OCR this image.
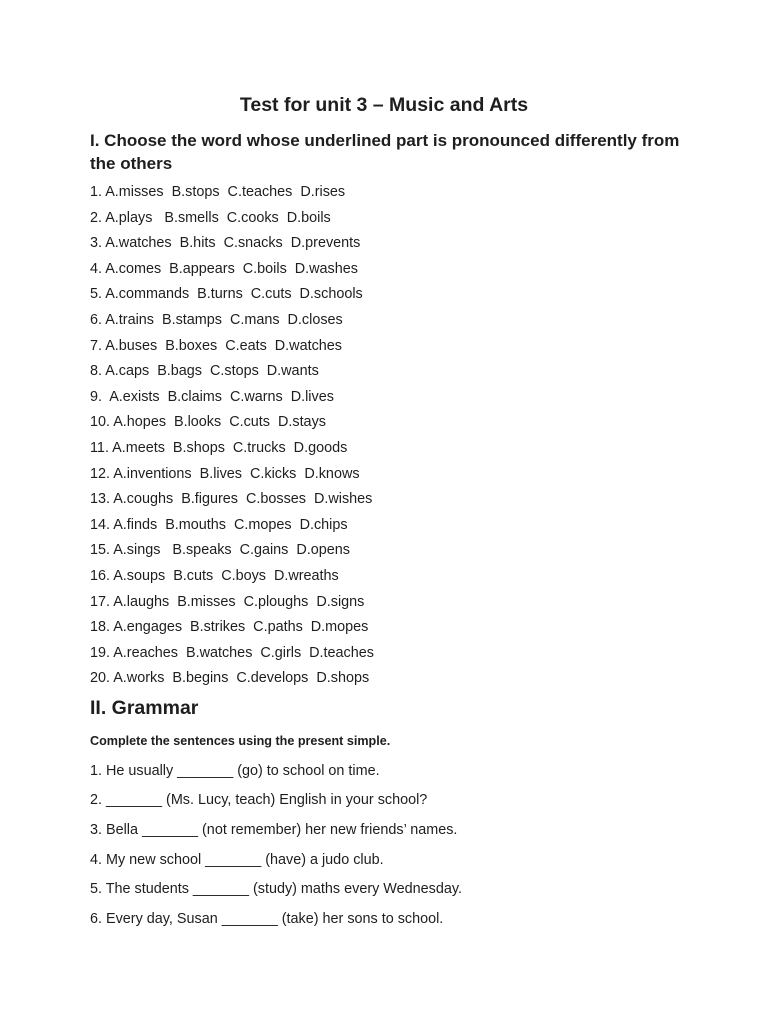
Test for unit 3 – Music and Arts
I. Choose the word whose underlined part is pronounced differently from the others
1. A.misses  B.stops  C.teaches  D.rises
2. A.plays   B.smells  C.cooks  D.boils
3. A.watches  B.hits  C.snacks  D.prevents
4. A.comes  B.appears  C.boils  D.washes
5. A.commands  B.turns  C.cuts  D.schools
6. A.trains  B.stamps  C.mans  D.closes
7. A.buses  B.boxes  C.eats  D.watches
8. A.caps  B.bags  C.stops  D.wants
9.  A.exists  B.claims  C.warns  D.lives
10. A.hopes  B.looks  C.cuts  D.stays
11. A.meets  B.shops  C.trucks  D.goods
12. A.inventions  B.lives  C.kicks  D.knows
13. A.coughs  B.figures  C.bosses  D.wishes
14. A.finds  B.mouths  C.mopes  D.chips
15. A.sings   B.speaks  C.gains  D.opens
16. A.soups  B.cuts  C.boys  D.wreaths
17. A.laughs  B.misses  C.ploughs  D.signs
18. A.engages  B.strikes  C.paths  D.mopes
19. A.reaches  B.watches  C.girls  D.teaches
20. A.works  B.begins  C.develops  D.shops
II. Grammar
Complete the sentences using the present simple.
1. He usually _______ (go) to school on time.
2. _______ (Ms. Lucy, teach) English in your school?
3. Bella _______ (not remember) her new friends’ names.
4. My new school _______ (have) a judo club.
5. The students _______ (study) maths every Wednesday.
6. Every day, Susan _______ (take) her sons to school.
